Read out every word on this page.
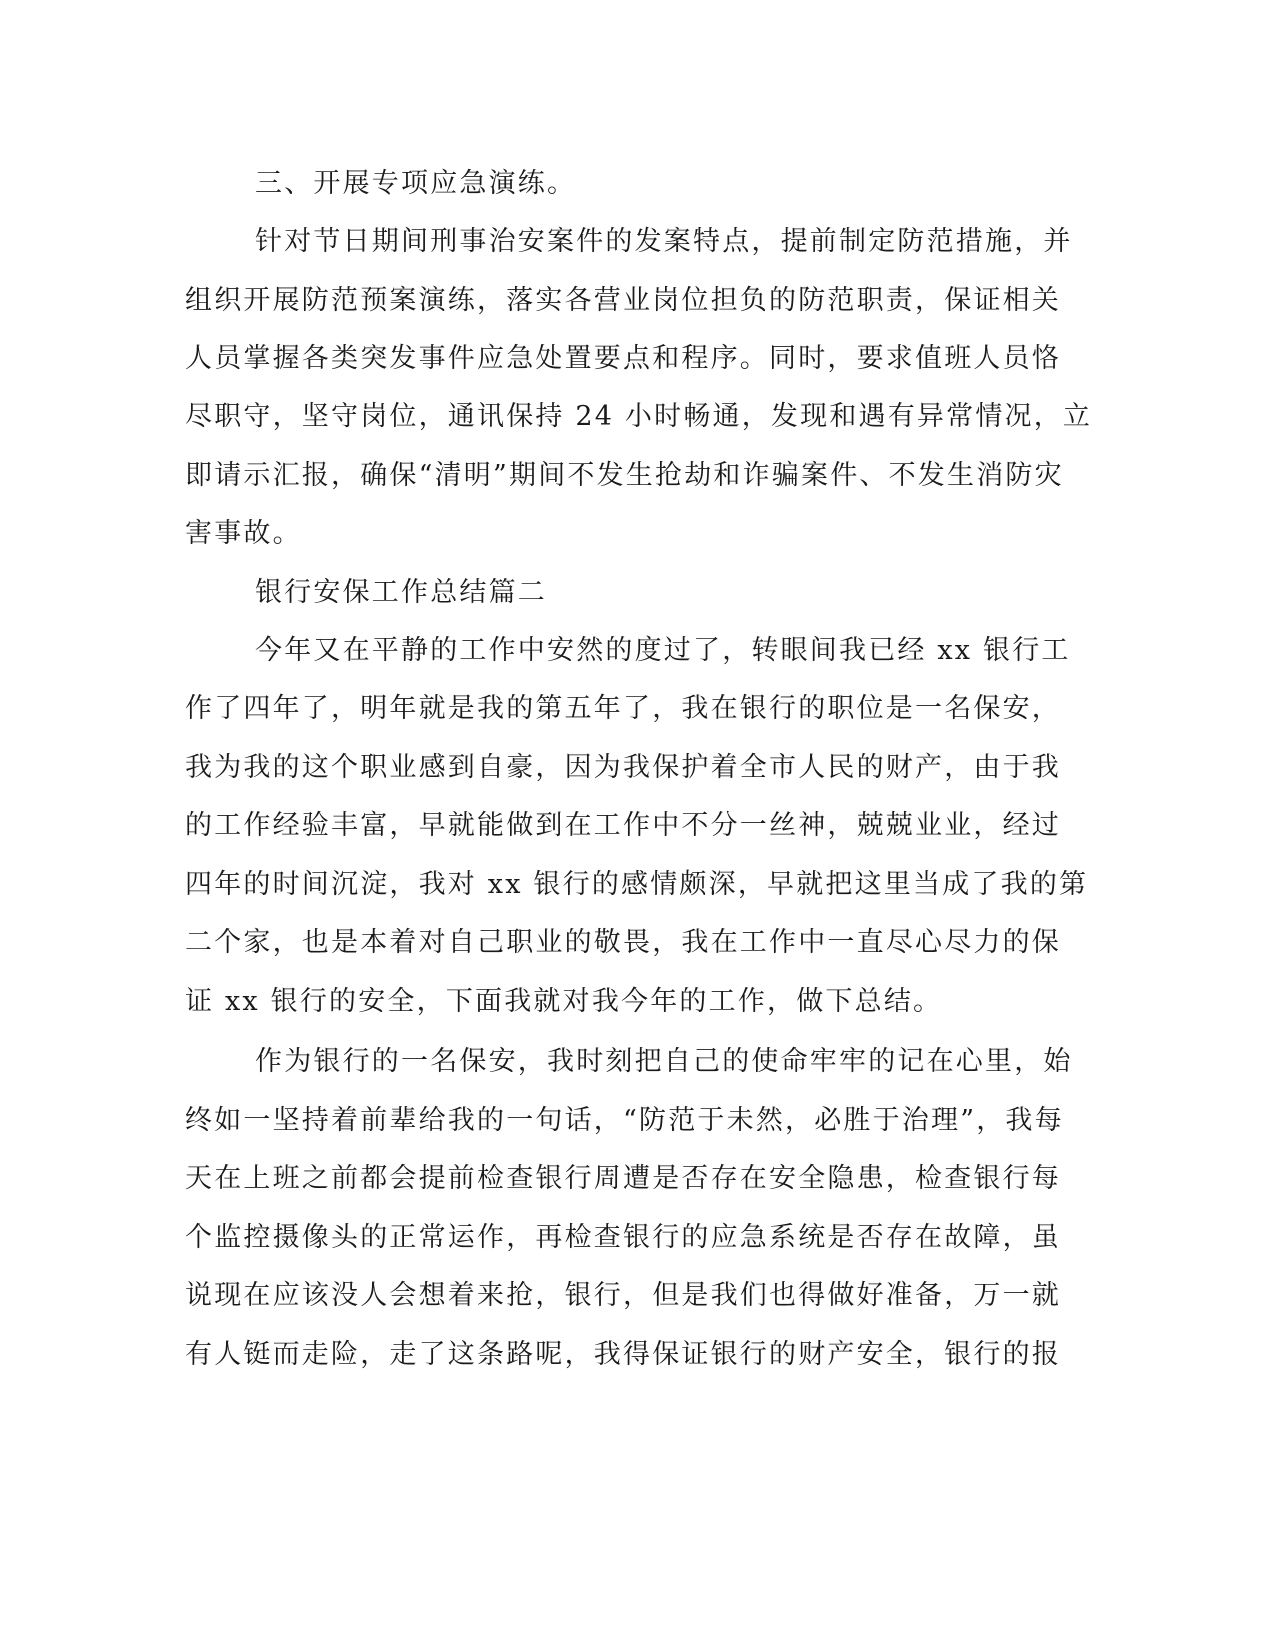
三、开展专项应急演练。
针对节日期间刑事治安案件的发案特点，提前制定防范措施，并
组织开展防范预案演练，落实各营业岗位担负的防范职责，保证相关
人员掌握各类突发事件应急处置要点和程序。同时，要求值班人员恪
尽职守，坚守岗位，通讯保持 24 小时畅通，发现和遇有异常情况，立
即请示汇报，确保“清明”期间不发生抢劫和诈骗案件、不发生消防灾
害事故。
银行安保工作总结篇二
今年又在平静的工作中安然的度过了，转眼间我已经 xx 银行工
作了四年了，明年就是我的第五年了，我在银行的职位是一名保安，
我为我的这个职业感到自豪，因为我保护着全市人民的财产，由于我
的工作经验丰富，早就能做到在工作中不分一丝神，兢兢业业，经过
四年的时间沉淀，我对 xx 银行的感情颇深，早就把这里当成了我的第
二个家，也是本着对自己职业的敬畏，我在工作中一直尽心尽力的保
证 xx 银行的安全，下面我就对我今年的工作，做下总结。
作为银行的一名保安，我时刻把自己的使命牢牢的记在心里，始
终如一坚持着前辈给我的一句话，“防范于未然，必胜于治理”，我每
天在上班之前都会提前检查银行周遭是否存在安全隐患，检查银行每
个监控摄像头的正常运作，再检查银行的应急系统是否存在故障，虽
说现在应该没人会想着来抢，银行，但是我们也得做好准备，万一就
有人铤而走险，走了这条路呢，我得保证银行的财产安全，银行的报
